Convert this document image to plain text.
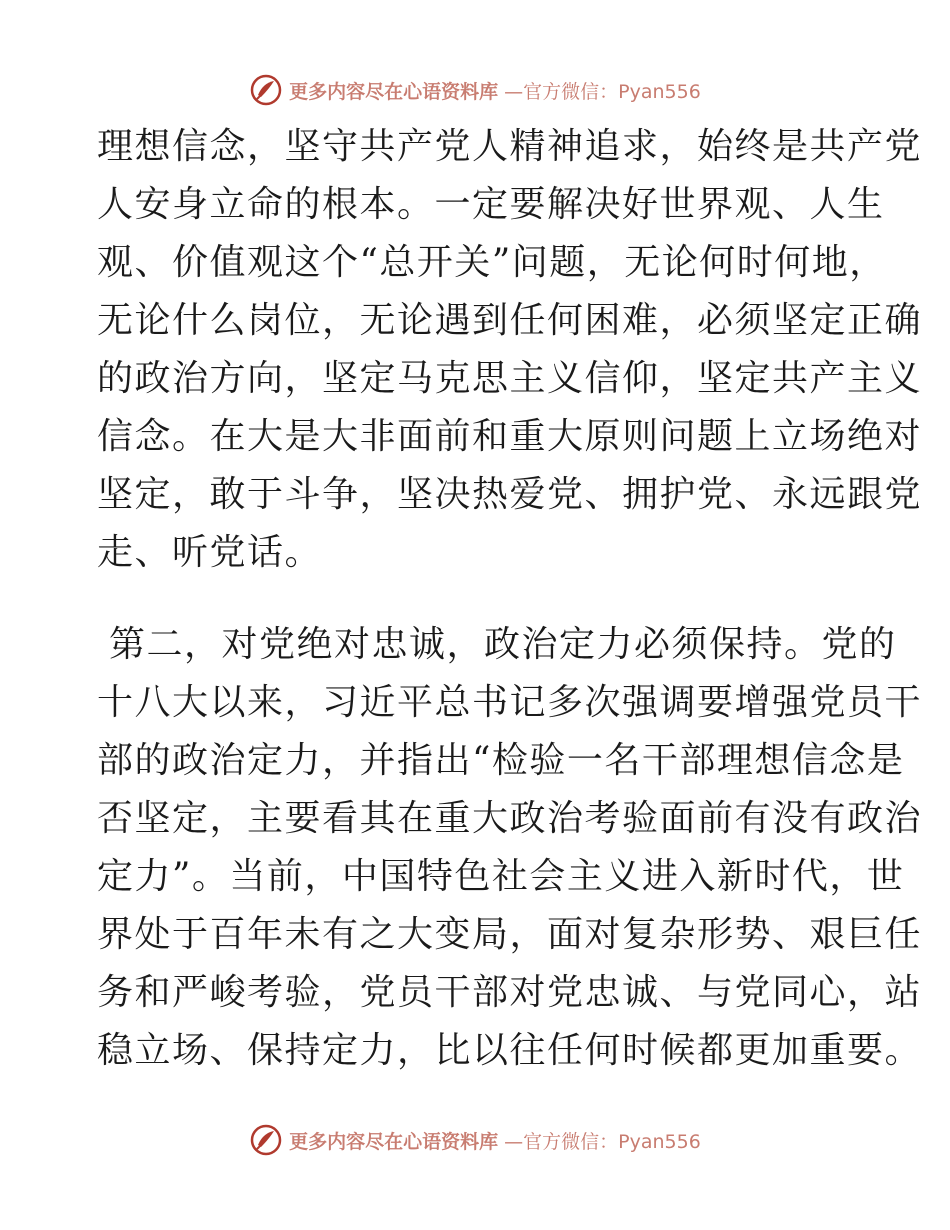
更多内容尽在心语资料库 —官方微信：Pyan556
理想信念，坚守共产党人精神追求，始终是共产党
人安身立命的根本。一定要解决好世界观、人生
观、价值观这个“总开关”问题，无论何时何地，
无论什么岗位，无论遇到任何困难，必须坚定正确
的政治方向，坚定马克思主义信仰，坚定共产主义
信念。在大是大非面前和重大原则问题上立场绝对
坚定，敢于斗争，坚决热爱党、拥护党、永远跟党
走、听党话。
第二，对党绝对忠诚，政治定力必须保持。党的
十八大以来，习近平总书记多次强调要增强党员干
部的政治定力，并指出“检验一名干部理想信念是
否坚定，主要看其在重大政治考验面前有没有政治
定力”。当前，中国特色社会主义进入新时代，世
界处于百年未有之大变局，面对复杂形势、艰巨任
务和严峻考验，党员干部对党忠诚、与党同心，站
稳立场、保持定力，比以往任何时候都更加重要。
更多内容尽在心语资料库 —官方微信：Pyan556
